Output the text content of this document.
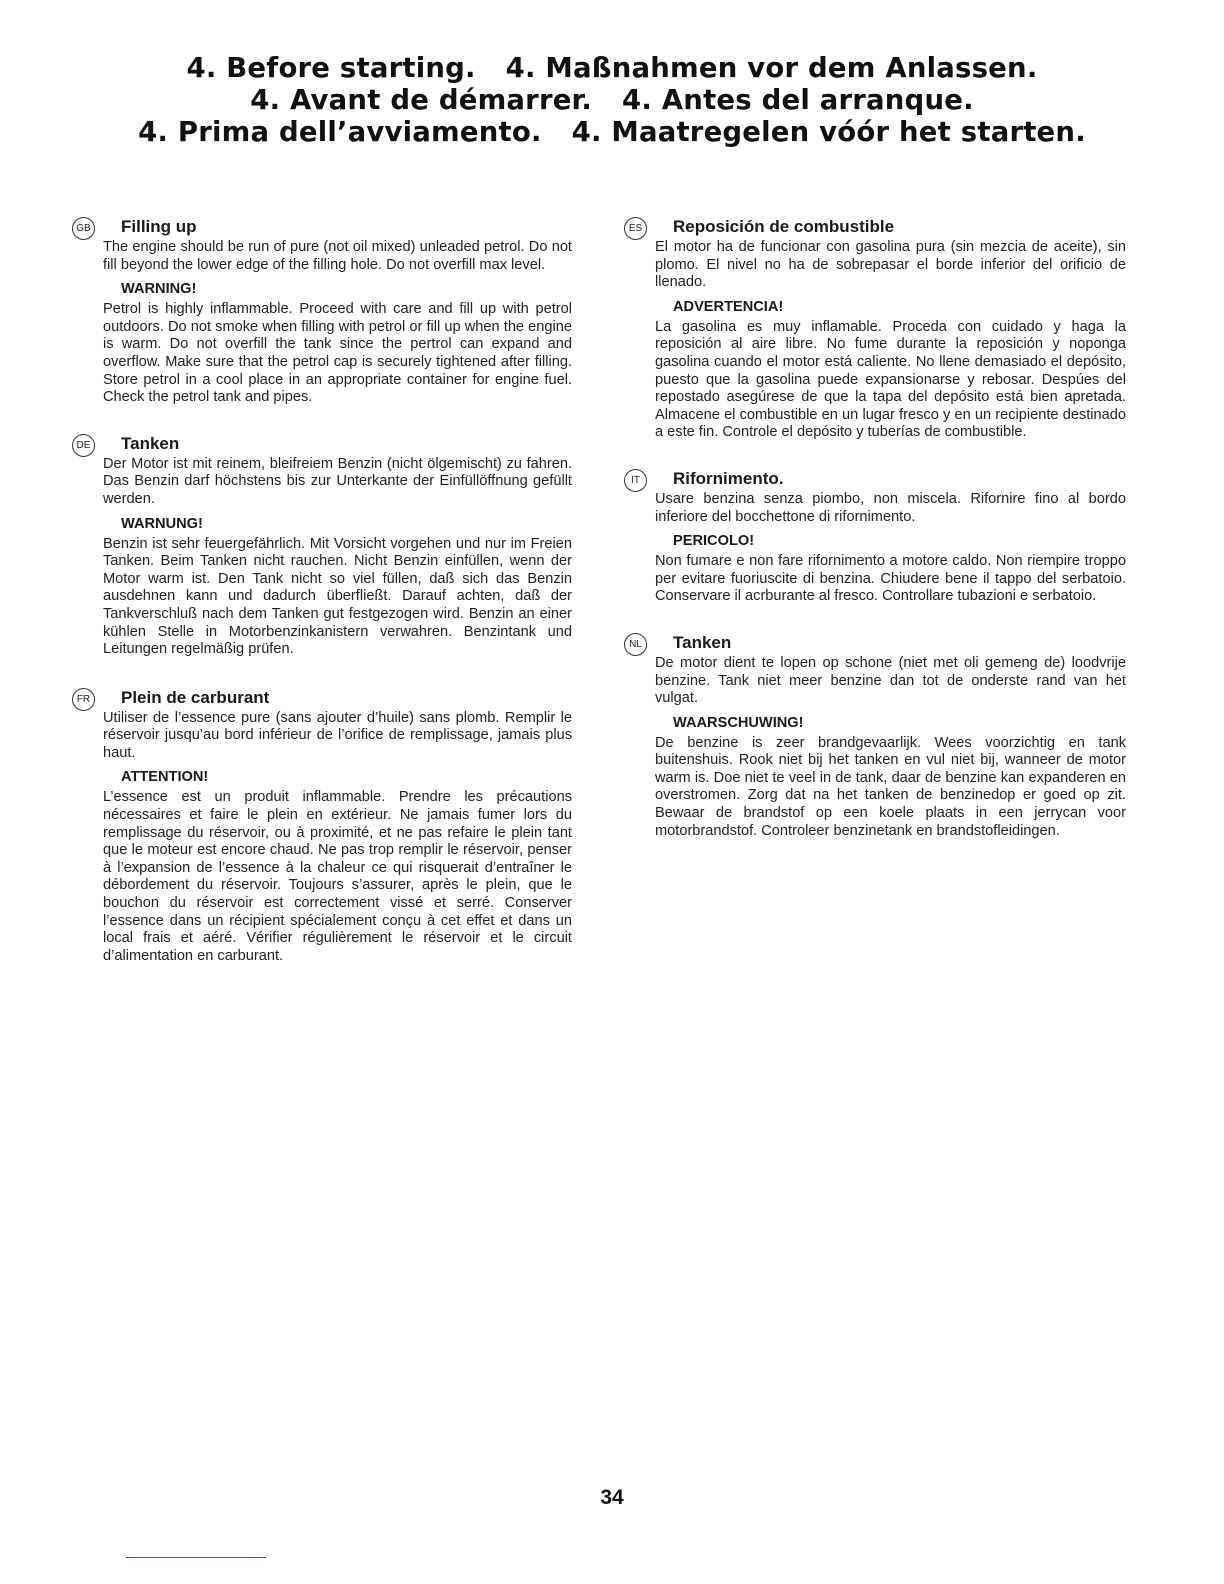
4. Before starting. 4. Maßnahmen vor dem Anlassen.
4. Avant de démarrer. 4. Antes del arranque.
4. Prima dell’avviamento. 4. Maatregelen vóór het starten.
GB Filling up

The engine should be run of pure (not oil mixed) unleaded petrol. Do not fill beyond the lower edge of the filling hole. Do not overfill max level.

WARNING!

Petrol is highly inflammable. Proceed with care and fill up with petrol outdoors. Do not smoke when filling with petrol or fill up when the engine is warm. Do not overfill the tank since the pertrol can expand and overflow. Make sure that the petrol cap is securely tightened after filling. Store petrol in a cool place in an appropriate container for engine fuel. Check the petrol tank and pipes.

DE Tanken

Der Motor ist mit reinem, bleifreiem Benzin (nicht ölgemischt) zu fahren. Das Benzin darf höchstens bis zur Unterkante der Einfüllöffnung gefüllt werden.

WARNUNG!

Benzin ist sehr feuergefährlich. Mit Vorsicht vorgehen und nur im Freien Tanken. Beim Tanken nicht rauchen. Nicht Benzin einfüllen, wenn der Motor warm ist. Den Tank nicht so viel füllen, daß sich das Benzin ausdehnen kann und dadurch überfließt. Darauf achten, daß der Tankverschluß nach dem Tanken gut festgezogen wird. Benzin an einer kühlen Stelle in Motorbenzinkanistern verwahren. Benzintank und Leitungen regelmäßig prüfen.

FR Plein de carburant

Utiliser de l’essence pure (sans ajouter d’huile) sans plomb. Remplir le réservoir jusqu’au bord inférieur de l’orifice de remplissage, jamais plus haut.

ATTENTION!

L’essence est un produit inflammable. Prendre les précautions nécessaires et faire le plein en extérieur. Ne jamais fumer lors du remplissage du réservoir, ou à proximité, et ne pas refaire le plein tant que le moteur est encore chaud. Ne pas trop remplir le réservoir, penser à l’expansion de l’essence à la chaleur ce qui risquerait d’entraîner le débordement du réservoir. Toujours s’assurer, après le plein, que le bouchon du réservoir est correctement vissé et serré. Conserver l’essence dans un récipient spécialement conçu à cet effet et dans un local frais et aéré. Vérifier régulièrement le réservoir et le circuit d’alimentation en carburant.

ES Reposición de combustible

El motor ha de funcionar con gasolina pura (sin mezcia de aceite), sin plomo. El nivel no ha de sobrepasar el borde inferior del orificio de llenado.

ADVERTENCIA!

La gasolina es muy inflamable. Proceda con cuidado y haga la reposición al aire libre. No fume durante la reposición y noponga gasolina cuando el motor está caliente. No llene demasiado el depósito, puesto que la gasolina puede expansionarse y rebosar. Despúes del repostado asegúrese de que la tapa del depósito está bien apretada. Almacene el combustible en un lugar fresco y en un recipiente destinado a este fin. Controle el depósito y tuberías de combustible.

IT	Rifornimento.

Usare benzina senza piombo, non miscela. Rifornire fino al bordo inferiore del bocchettone di rifornimento.

PERICOLO!

Non fumare e non fare rifornimento a motore caldo. Non riempire troppo per evitare fuoriuscite di benzina. Chiudere bene il tappo del serbatoio. Conservare il acrburante al fresco. Controllare tubazioni e serbatoio.

NL	Tanken

De motor dient te lopen op schone (niet met oli gemeng de) loodvrije benzine. Tank niet meer benzine dan tot de onderste rand van het vulgat.

WAARSCHUWING!

De benzine is zeer brandgevaarlijk. Wees voorzichtig en tank buitenshuis. Rook niet bij het tanken en vul niet bij, wanneer de motor warm is. Doe niet te veel in de tank, daar de benzine kan expanderen en overstromen. Zorg dat na het tanken de benzinedop er goed op zit. Bewaar de brandstof op een koele plaats in een jerrycan voor motorbrandstof. Controleer benzinetank en brandstofleidingen.

34
